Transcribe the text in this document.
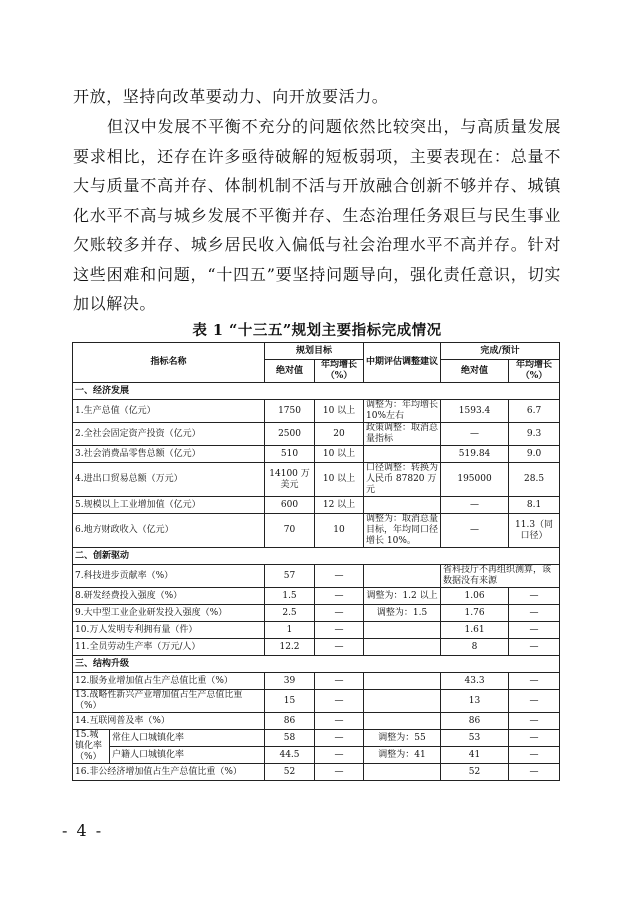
开放，坚持向改革要动力、向开放要活力。

但汉中发展不平衡不充分的问题依然比较突出，与高质量发展要求相比，还存在许多亟待破解的短板弱项，主要表现在：总量不大与质量不高并存、体制机制不活与开放融合创新不够并存、城镇化水平不高与城乡发展不平衡并存、生态治理任务艰巨与民生事业欠账较多并存、城乡居民收入偏低与社会治理水平不高并存。针对这些困难和问题，“十四五”要坚持问题导向，强化责任意识，切实加以解决。

表 1 “十三五”规划主要指标完成情况
指标名称		规划目标		中期评估调整建议	完成/预计	
		绝对值	年均增长（%）		绝对值	年均增长（%）
一、经济发展						
1.生产总值（亿元）		1750	10 以上	调整为：年均增长10%左右	1593.4	6.7
2.全社会固定资产投资（亿元）		2500	20	政策调整：取消总量指标	—	9.3
3.社会消费品零售总额（亿元）		510	10 以上		519.84	9.0
4.进出口贸易总额（万元）		14100 万美元	10 以上	口径调整：转换为人民币 87820 万元	195000	28.5
5.规模以上工业增加值（亿元）		600	12 以上		—	8.1
6.地方财政收入（亿元）		70	10	调整为：取消总量目标，年均同口径增长 10%。	—	11.3（同口径）
二、创新驱动						
7.科技进步贡献率（%）		57	—		省科技厅不再组织测算，该数据没有来源	
8.研发经费投入强度（%）		1.5	—	调整为：1.2 以上	1.06	—
9.大中型工业企业研发投入强度（%）		2.5	—	调整为：1.5	1.76	—
10.万人发明专利拥有量（件）		1	—		1.61	—
11.全员劳动生产率（万元/人）		12.2	—		8	—
三、结构升级						
12.服务业增加值占生产总值比重（%）		39	—		43.3	—
13.战略性新兴产业增加值占生产总值比重（%）		15	—		13	—
14.互联网普及率（%）		86	—		86	—
15.城镇化率（%）	常住人口城镇化率	58	—	调整为：55	53	—
	户籍人口城镇化率	44.5	—	调整为：41	41	—
16.非公经济增加值占生产总值比重（%）		52	—		52	—
- 4 -
